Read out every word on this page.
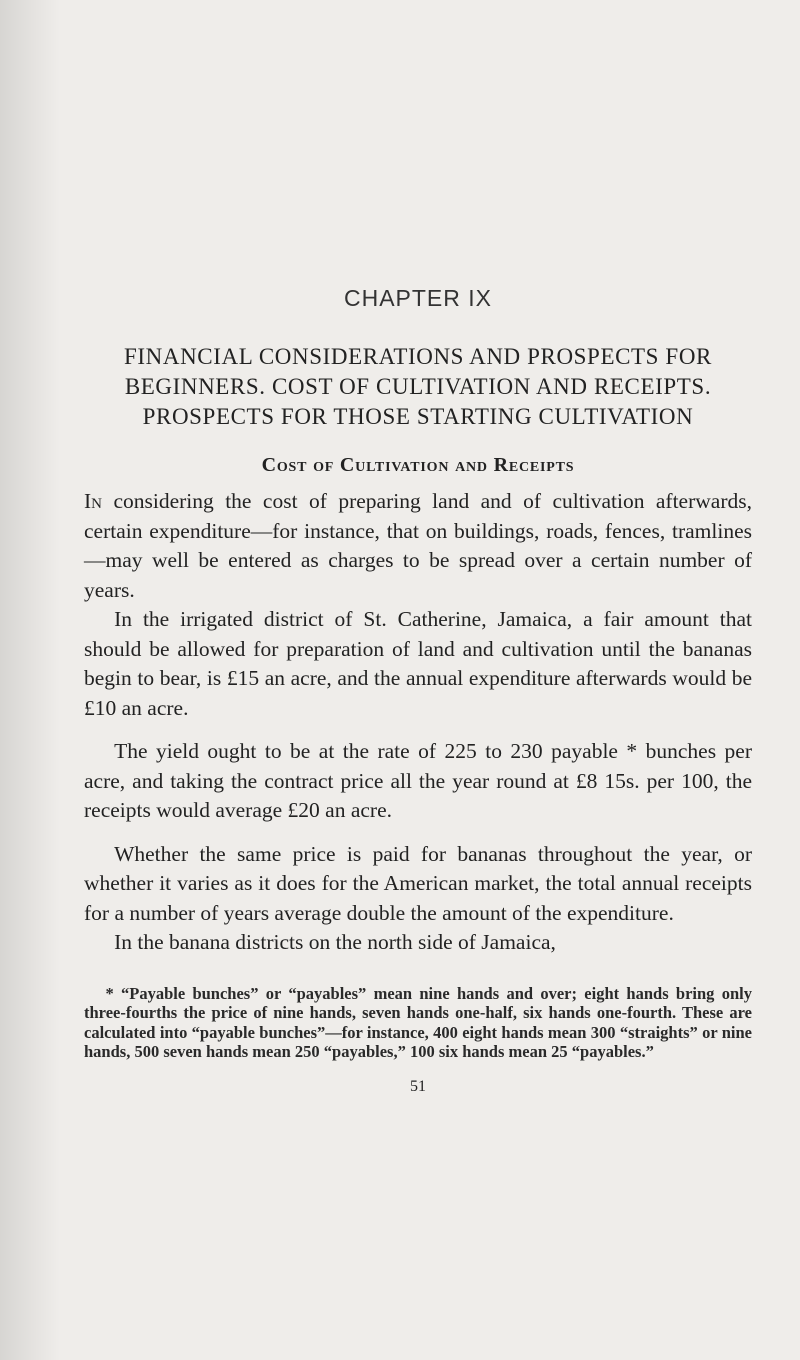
CHAPTER IX
FINANCIAL CONSIDERATIONS AND PROSPECTS FOR BEGINNERS. COST OF CULTIVATION AND RECEIPTS. PROSPECTS FOR THOSE STARTING CULTIVATION
Cost of Cultivation and Receipts

In considering the cost of preparing land and of cultivation afterwards, certain expenditure—for instance, that on buildings, roads, fences, tramlines—may well be entered as charges to be spread over a certain number of years.

In the irrigated district of St. Catherine, Jamaica, a fair amount that should be allowed for preparation of land and cultivation until the bananas begin to bear, is £15 an acre, and the annual expenditure afterwards would be £10 an acre.

The yield ought to be at the rate of 225 to 230 payable * bunches per acre, and taking the contract price all the year round at £8 15s. per 100, the receipts would average £20 an acre.

Whether the same price is paid for bananas throughout the year, or whether it varies as it does for the American market, the total annual receipts for a number of years average double the amount of the expenditure.

In the banana districts on the north side of Jamaica,

* “Payable bunches” or “payables” mean nine hands and over; eight hands bring only three-fourths the price of nine hands, seven hands one-half, six hands one-fourth. These are calculated into “payable bunches”—for instance, 400 eight hands mean 300 “straights” or nine hands, 500 seven hands mean 250 “payables,” 100 six hands mean 25 “payables.”

51
